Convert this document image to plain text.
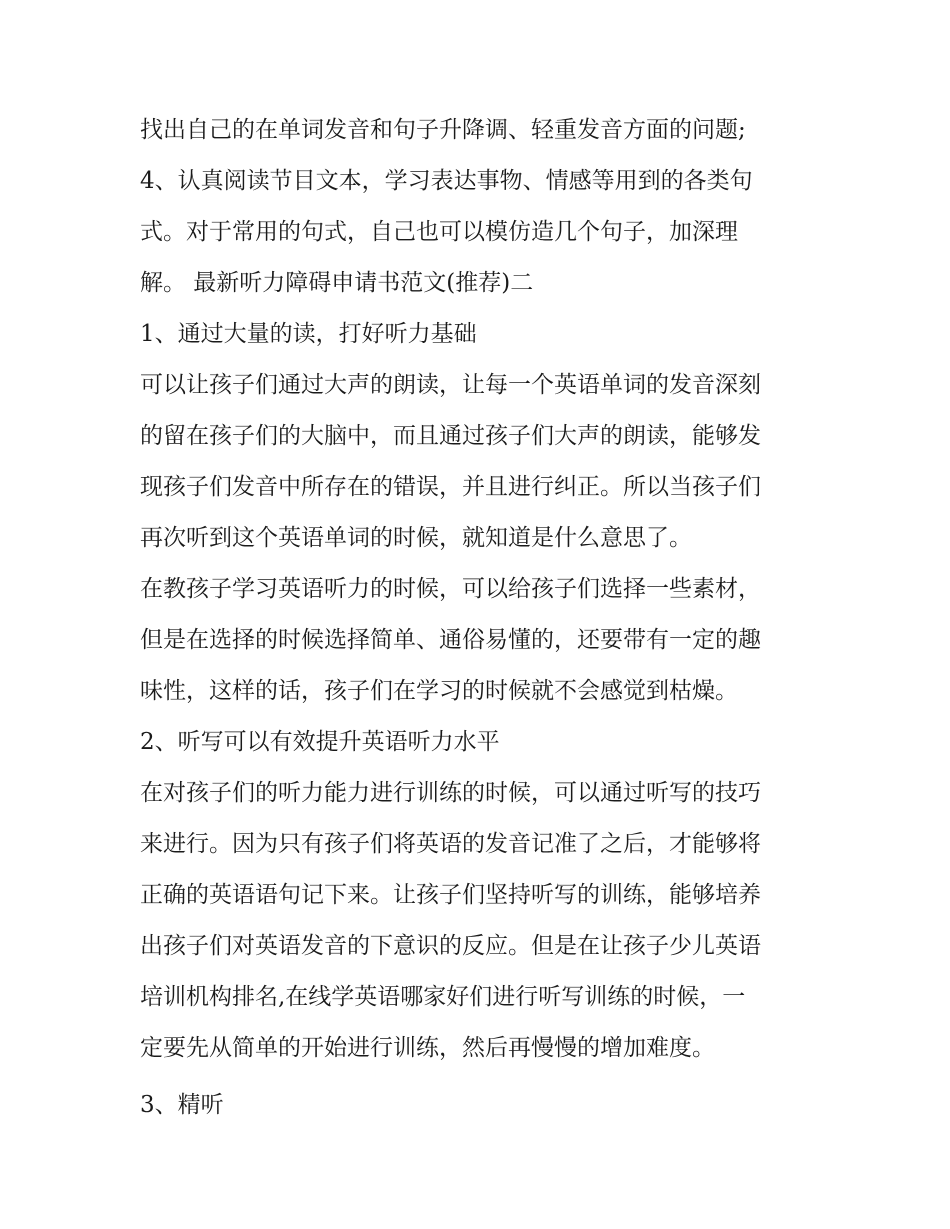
找出自己的在单词发音和句子升降调、轻重发音方面的问题;
4、认真阅读节目文本，学习表达事物、情感等用到的各类句
式。对于常用的句式，自己也可以模仿造几个句子，加深理
解。 最新听力障碍申请书范文(推荐)二
1、通过大量的读，打好听力基础
可以让孩子们通过大声的朗读，让每一个英语单词的发音深刻
的留在孩子们的大脑中，而且通过孩子们大声的朗读，能够发
现孩子们发音中所存在的错误，并且进行纠正。所以当孩子们
再次听到这个英语单词的时候，就知道是什么意思了。
在教孩子学习英语听力的时候，可以给孩子们选择一些素材，
但是在选择的时候选择简单、通俗易懂的，还要带有一定的趣
味性，这样的话，孩子们在学习的时候就不会感觉到枯燥。
2、听写可以有效提升英语听力水平
在对孩子们的听力能力进行训练的时候，可以通过听写的技巧
来进行。因为只有孩子们将英语的发音记准了之后，才能够将
正确的英语语句记下来。让孩子们坚持听写的训练，能够培养
出孩子们对英语发音的下意识的反应。但是在让孩子少儿英语
培训机构排名,在线学英语哪家好们进行听写训练的时候，一
定要先从简单的开始进行训练，然后再慢慢的增加难度。
3、精听
